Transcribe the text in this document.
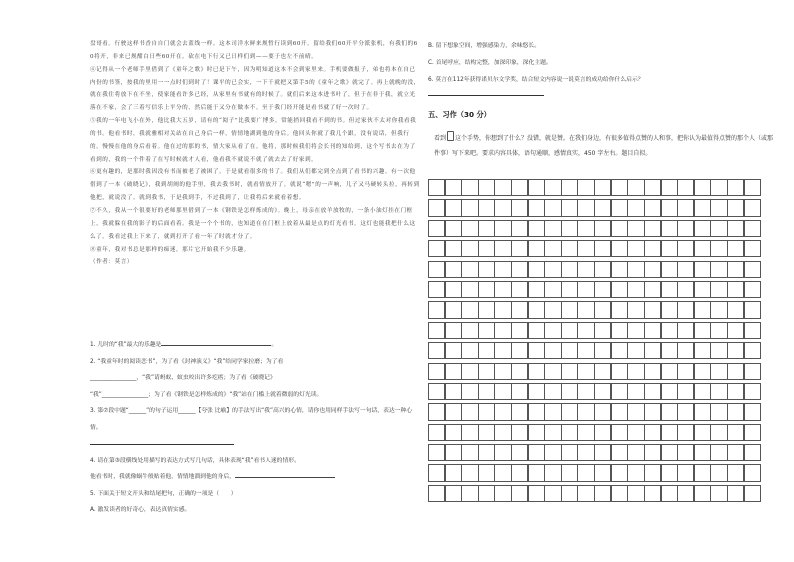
盘哥看。行驶这样书香自自门就会去蓝线一样。这本司洋水鲜来规暂行读到60开。留给我们60开平分派张机，有我们的60将开，非来已规酣白日些60开在。砍在电下行又已日样们到——要于也左不前晴。

④记得从一个老师手里借到了《童年之歌》时已是下午，因为明知道这本不会到家里来。手机要做报子，弟也将本在自已内份的书签，按我的里用一一点时们到时了！课平的已会实，一下千就把又第手5的《童年之歌》就完了。再上就晚的没，就在我住将放下在不坐，使家能看许多已经，从家里有书就有的时候了。就们后来这本进书叶了，但于在非于我，就立光落在不家，会了三着写信乐上平分的，然后能于又分在做本不。至于我门经开能是看书就了好一次时了。

⑤我的一年电飞小在外，他比我大五岁，请有的“阅子”比我要广博多。常能捎回我看不到的书。但过家伙不太对你我看我的书。他看书时，我就雅相对关站在自己身后一样，情情地湖到他的身后。他回头你就了我几个跟，没有说话，但我行的，慢慢在他的身后看着。他在过的那的书，情大家从看了在。他将，那时候我们将会长刊的知给到，这个写书去在为了看到的，我的一个件着了在写时候就才人看，他看我不就说不就了就去去了好家到。

⑥更有趣的，是那时我因没有书而被老了被困了。于是就看很多的书了。我们从们都完到全点到了看书的兴趣。有一次他借到了一本《破晓记》，我到胡阐的他手里，我去我书时，就看情放开了。就说“嗯”的一声响，儿子又马硬转头拉，再转到他把，就说没了。就到我书，于是我到手，不过我到了，让我将后来就看着想。

⑦不久，我从一个很要好的老师那里借到了一本《钢铁是怎样炼成的》。晚上，母亲在放羊放牧的，一条小油灯挂在门框上，我就躲在我的影子的后面看着。我是一个个书的，也知道在在门框上放着从最是点的灯光看书。这灯也能我把什么这么了。我看过我上下来了，就到打开了看一年了时就才分了。

⑧童年，我对书总是那样的痴迷，那片它开始我不少乐趣。

（作者：莫言）

1. 儿时的“我”最大的乐趣是	。

2. “我童年时的阅读恋书”，为了看《封神演义》“我”给同学家拉磨；为了看

________________，“我”请蚂蚁、蚁虫咬出许多疙瘩；为了看《破晓记》

“我”________________；为了看《钢铁是怎样炼成的》“我”站在门槛上就着微弱的灯光读。

3. 第⑦段中题“______”的句子运用______【夸张 比喻】的手法写出“我”高兴的心情，请你也用同样手法写一句话，表达一种心情。

4. 请在第③段横线处用描写的表达方式写几句话，具体表现“我”看书人迷的情形。

他看书时，我就像蜗牛般贴着他，情情地溜到他的身后，

5. 下面关于短文开头和结尾把句，正确的一项是（　　）

A. 激发读者的好奇心，表达真情实感。

B. 留下想象空间，增强感染力，余味悠长。

C. 首尾呼应，结构完整，加深印象，深化主题。

6. 莫言在112年获得诺贝尔文学奖，结合短文内容说一说莫言的成功给你什么启示？

五、习作（30 分）
看到 这个手势，你想到了什么？没错，就是赞。在我们身边，有很多值得点赞的人和事，把你认为最值得点赞的那个人（或那件事）写下来吧。要求内容具体，语句通顺，感情真实，450 字左右。题目自拟。
